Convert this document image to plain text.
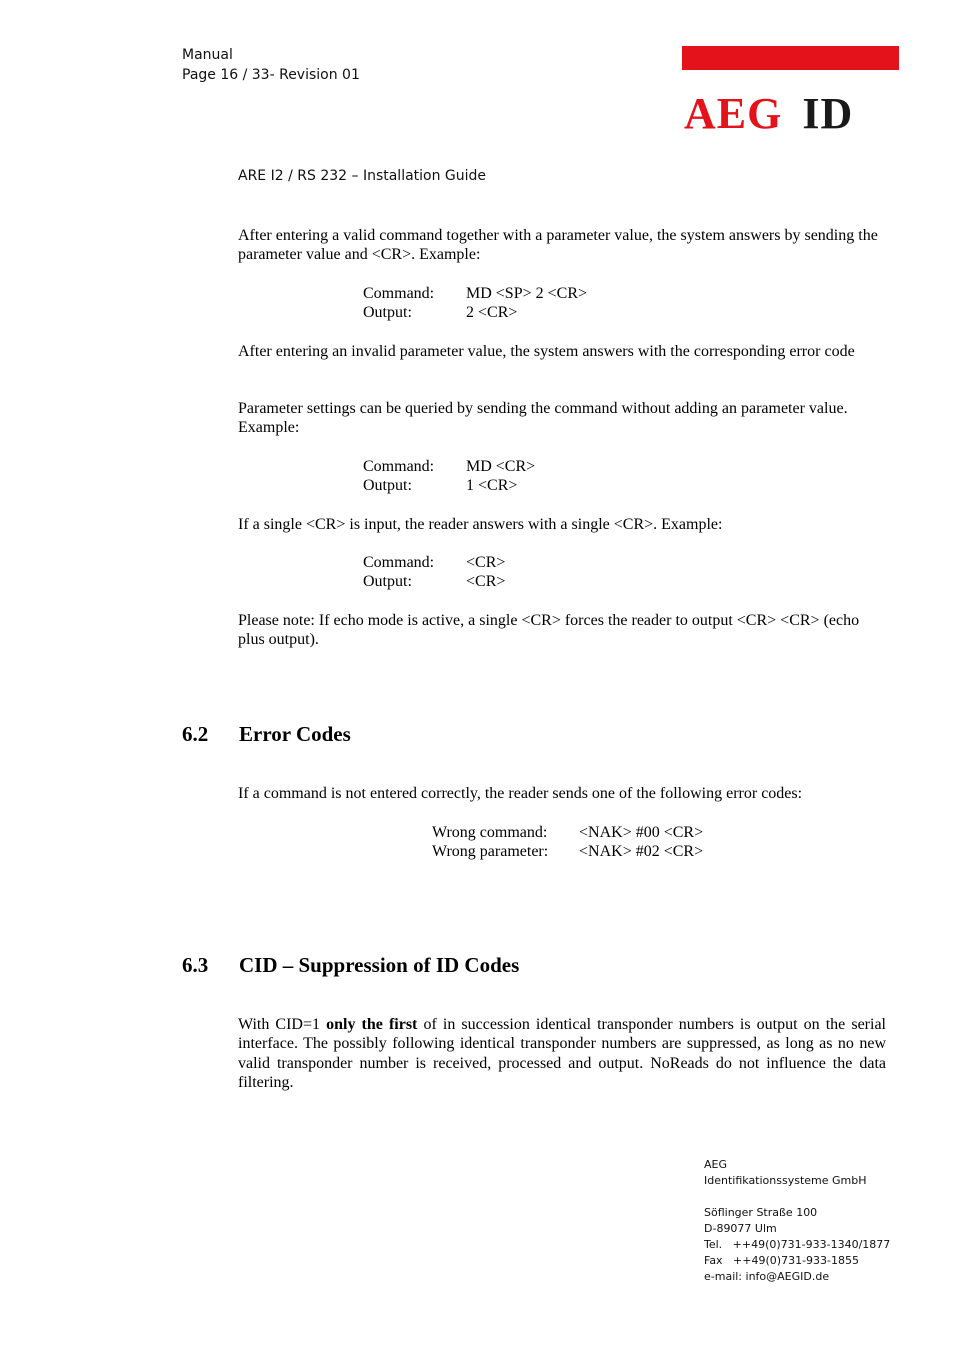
Manual
Page 16 / 33- Revision 01
AEG ID
ARE I2 / RS 232 – Installation Guide
After entering a valid command together with a parameter value, the system answers by sending the parameter value and <CR>. Example:
Command: MD <SP> 2 <CR>
Output:	2 <CR>
After entering an invalid parameter value, the system answers with the corresponding error code
Parameter settings can be queried by sending the command without adding an parameter value. Example:
Command: MD <CR>
Output:	1 <CR>
If a single <CR> is input, the reader answers with a single <CR>. Example:
Command: <CR>
Output:	<CR>
Please note: If echo mode is active, a single <CR> forces the reader to output <CR> <CR> (echo plus output).
6.2 Error Codes
If a command is not entered correctly, the reader sends one of the following error codes:
Wrong command: <NAK> #00 <CR>
Wrong parameter: <NAK> #02 <CR>
6.3 CID – Suppression of ID Codes
With CID=1 only the first of in succession identical transponder numbers is output on the serial interface. The possibly following identical transponder numbers are suppressed, as long as no new valid transponder number is received, processed and output. NoReads do not influence the data filtering.
AEG
Identifikationssysteme GmbH
Söflinger Straße 100
D-89077 Ulm
Tel.   ++49(0)731-933-1340/1877
Fax   ++49(0)731-933-1855
e-mail: info@AEGID.de
